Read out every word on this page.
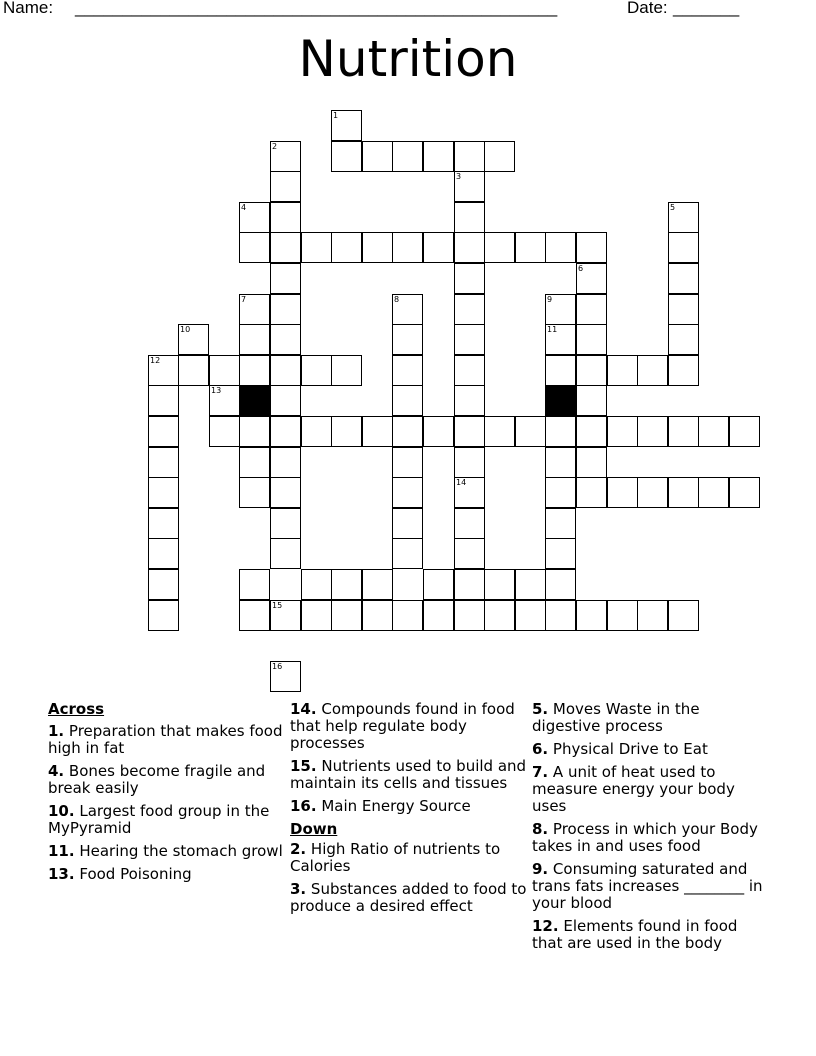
Name: ___________________________________________________	Date: _______
Nutrition
1
2
3
4	5
6
7	8	9
10	11
12
13
14
15
16
Across
1. Preparation that makes food high in fat
4. Bones become fragile and break easily
10. Largest food group in the MyPyramid
11. Hearing the stomach growl
13. Food Poisoning
14. Compounds found in food that help regulate body processes
15. Nutrients used to build and maintain its cells and tissues
16. Main Energy Source
Down
2. High Ratio of nutrients to Calories
3. Substances added to food to produce a desired effect
5. Moves Waste in the digestive process
6. Physical Drive to Eat
7. A unit of heat used to measure energy your body uses
8. Process in which your Body takes in and uses food
9. Consuming saturated and trans fats increases ________ in your blood
12. Elements found in food that are used in the body
